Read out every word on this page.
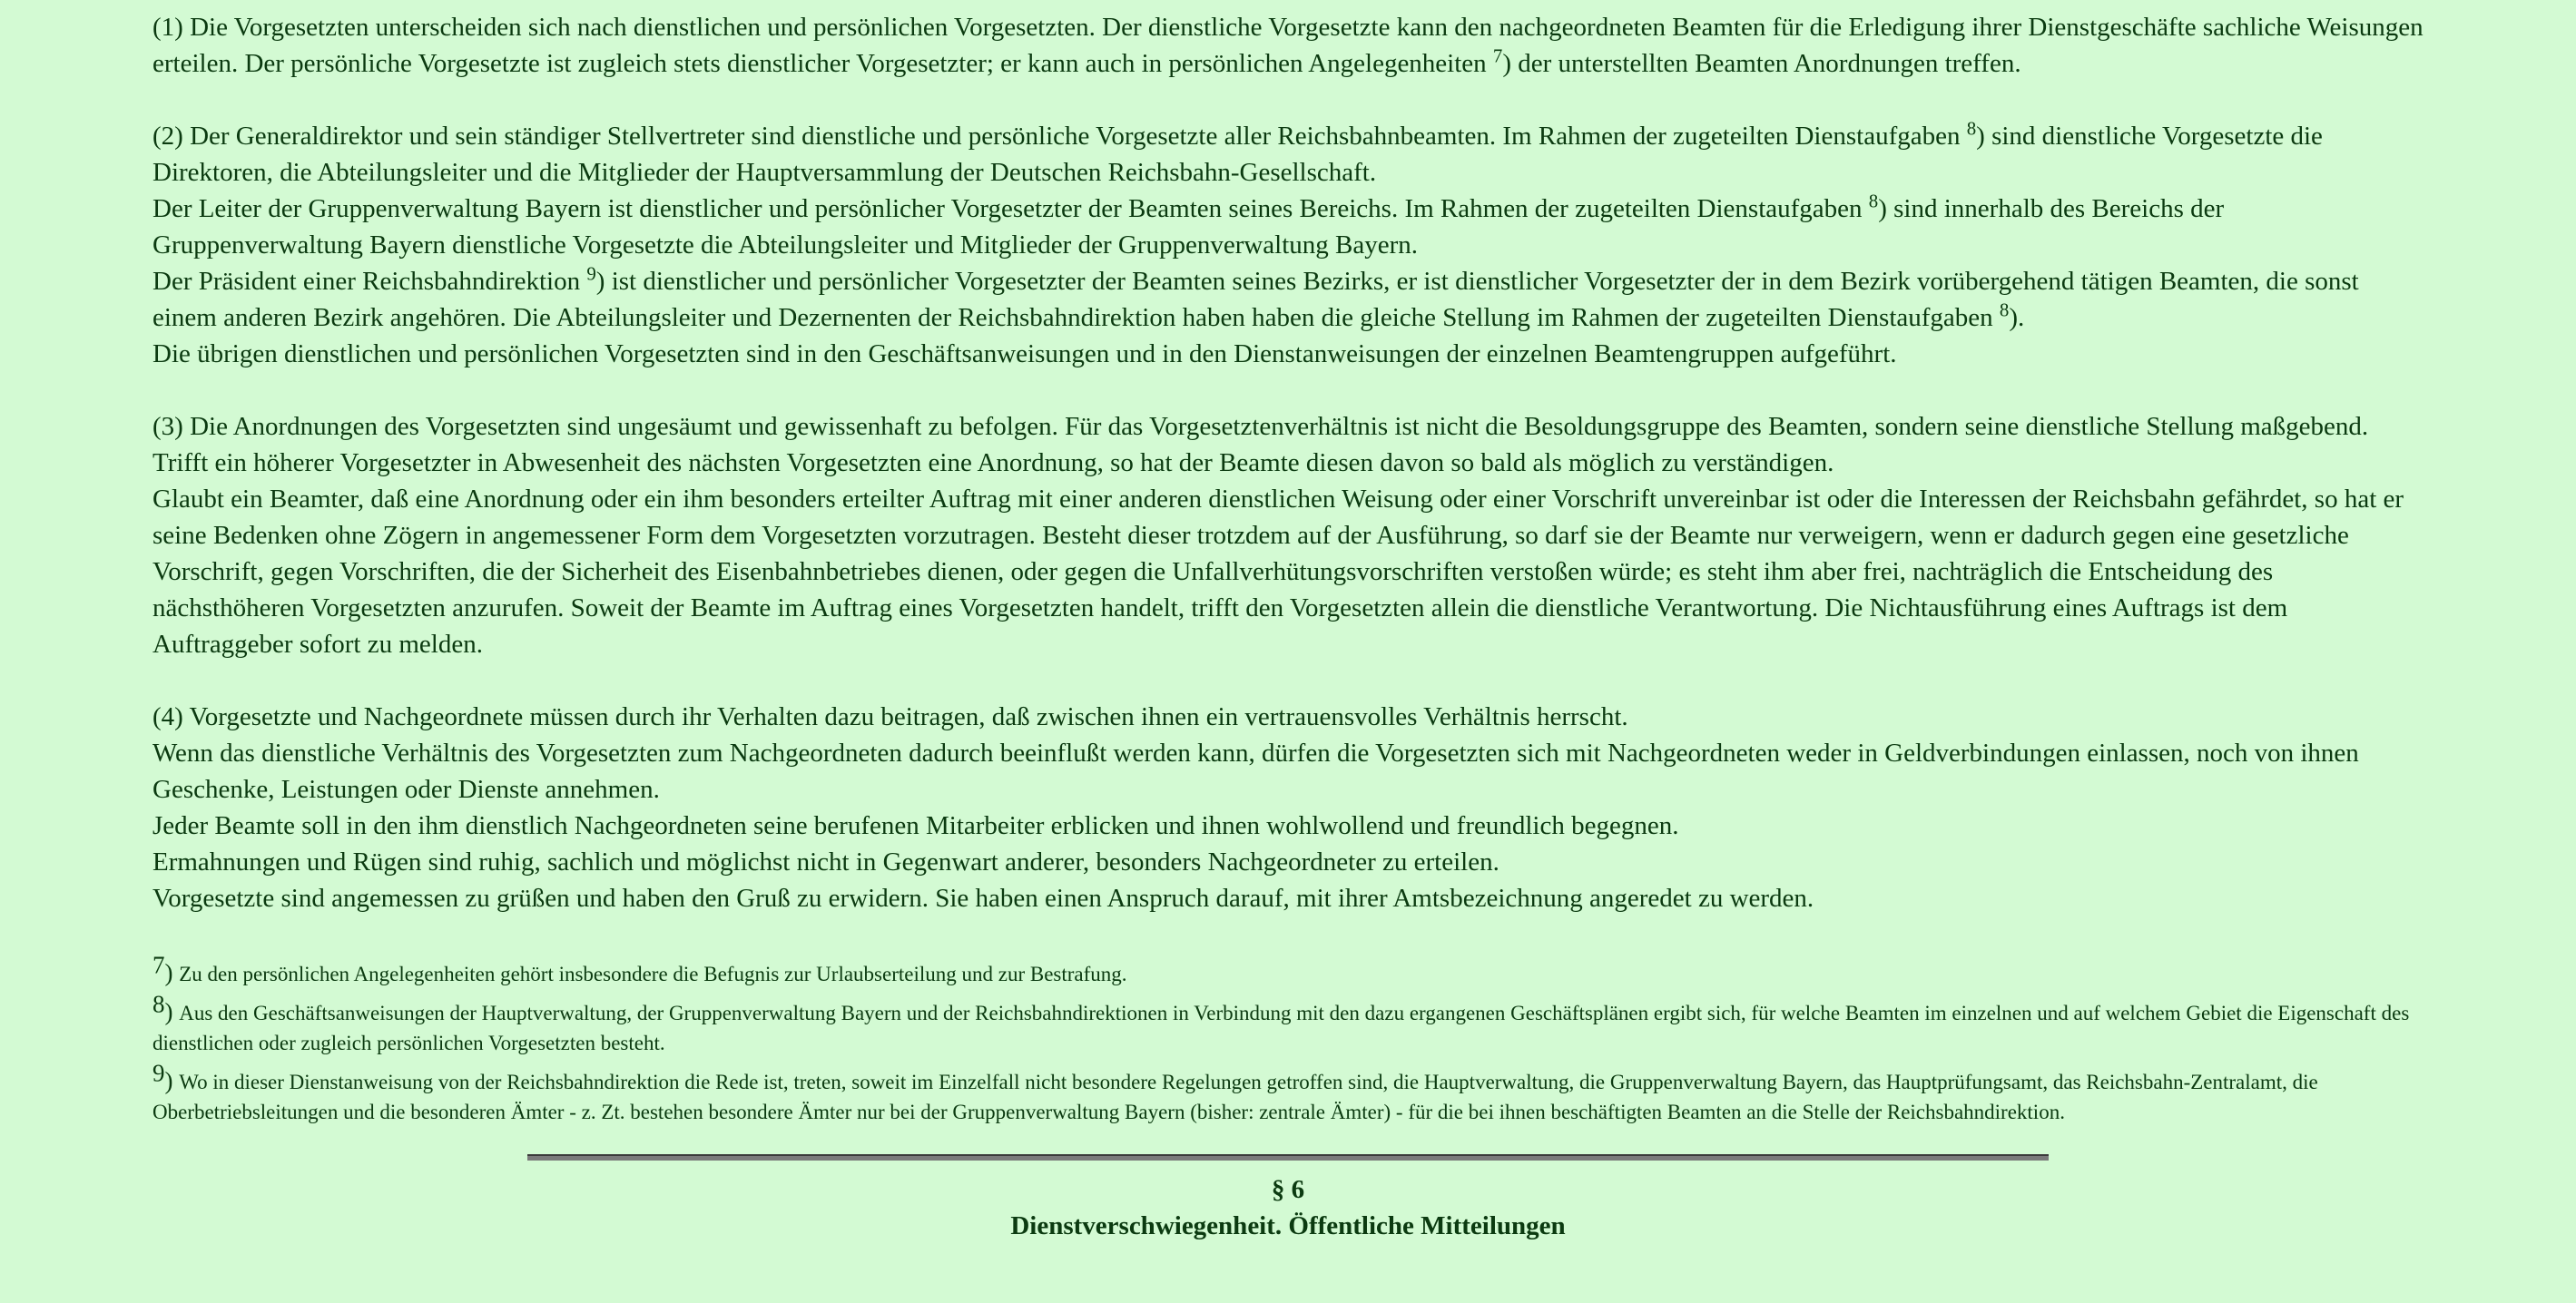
(1) Die Vorgesetzten unterscheiden sich nach dienstlichen und persönlichen Vorgesetzten. Der dienstliche Vorgesetzte kann den nachgeordneten Beamten für die Erledigung ihrer Dienstgeschäfte sachliche Weisungen erteilen. Der persönliche Vorgesetzte ist zugleich stets dienstlicher Vorgesetzter; er kann auch in persönlichen Angelegenheiten $^7$) der unterstellten Beamten Anordnungen treffen.

(2) Der Generaldirektor und sein ständiger Stellvertreter sind dienstliche und persönliche Vorgesetzte aller Reichsbahnbeamten. Im Rahmen der zugeteilten Dienstaufgaben $^8$) sind dienstliche Vorgesetzte die Direktoren, die Abteilungsleiter und die Mitglieder der Hauptversammlung der Deutschen Reichsbahn-Gesellschaft.

Der Leiter der Gruppenverwaltung Bayern ist dienstlicher und persönlicher Vorgesetzter der Beamten seines Bereichs. Im Rahmen der zugeteilten Dienstaufgaben $^8$) sind innerhalb des Bereichs der Gruppenverwaltung Bayern dienstliche Vorgesetzte die Abteilungsleiter und Mitglieder der Gruppenverwaltung Bayern.

Der Präsident einer Reichsbahndirektion $^9$) ist dienstlicher und persönlicher Vorgesetzter der Beamten seines Bezirks, er ist dienstlicher Vorgesetzter der in dem Bezirk vorübergehend tätigen Beamten, die sonst einem anderen Bezirk angehören. Die Abteilungsleiter und Dezernenten der Reichsbahndirektion haben haben die gleiche Stellung im Rahmen der zugeteilten Dienstaufgaben $^8$).

Die übrigen dienstlichen und persönlichen Vorgesetzten sind in den Geschäftsanweisungen und in den Dienstanweisungen der einzelnen Beamtengruppen aufgeführt.

(3) Die Anordnungen des Vorgesetzten sind ungesäumt und gewissenhaft zu befolgen. Für das Vorgesetztenverhältnis ist nicht die Besoldungsgruppe des Beamten, sondern seine dienstliche Stellung maßgebend. Trifft ein höherer Vorgesetzter in Abwesenheit des nächsten Vorgesetzten eine Anordnung, so hat der Beamte diesen davon so bald als möglich zu verständigen.

Glaubt ein Beamter, daß eine Anordnung oder ein ihm besonders erteilter Auftrag mit einer anderen dienstlichen Weisung oder einer Vorschrift unvereinbar ist oder die Interessen der Reichsbahn gefährdet, so hat er seine Bedenken ohne Zögern in angemessener Form dem Vorgesetzten vorzutragen. Besteht dieser trotzdem auf der Ausführung, so darf sie der Beamte nur verweigern, wenn er dadurch gegen eine gesetzliche Vorschrift, gegen Vorschriften, die der Sicherheit des Eisenbahnbetriebes dienen, oder gegen die Unfallverhütungsvorschriften verstoßen würde; es steht ihm aber frei, nachträglich die Entscheidung des nächsthöheren Vorgesetzten anzurufen. Soweit der Beamte im Auftrag eines Vorgesetzten handelt, trifft den Vorgesetzten allein die dienstliche Verantwortung. Die Nichtausführung eines Auftrags ist dem Auftraggeber sofort zu melden.

(4) Vorgesetzte und Nachgeordnete müssen durch ihr Verhalten dazu beitragen, daß zwischen ihnen ein vertrauensvolles Verhältnis herrscht.

Wenn das dienstliche Verhältnis des Vorgesetzten zum Nachgeordneten dadurch beeinflußt werden kann, dürfen die Vorgesetzten sich mit Nachgeordneten weder in Geldverbindungen einlassen, noch von ihnen Geschenke, Leistungen oder Dienste annehmen.

Jeder Beamte soll in den ihm dienstlich Nachgeordneten seine berufenen Mitarbeiter erblicken und ihnen wohlwollend und freundlich begegnen.

Ermahnungen und Rügen sind ruhig, sachlich und möglichst nicht in Gegenwart anderer, besonders Nachgeordneter zu erteilen.

Vorgesetzte sind angemessen zu grüßen und haben den Gruß zu erwidern. Sie haben einen Anspruch darauf, mit ihrer Amtsbezeichnung angeredet zu werden.

$^7$) Zu den persönlichen Angelegenheiten gehört insbesondere die Befugnis zur Urlaubserteilung und zur Bestrafung.

$^8$) Aus den Geschäftsanweisungen der Hauptverwaltung, der Gruppenverwaltung Bayern und der Reichsbahndirektionen in Verbindung mit den dazu ergangenen Geschäftsplänen ergibt sich, für welche Beamten im einzelnen und auf welchem Gebiet die Eigenschaft des dienstlichen oder zugleich persönlichen Vorgesetzten besteht.

$^9$) Wo in dieser Dienstanweisung von der Reichsbahndirektion die Rede ist, treten, soweit im Einzelfall nicht besondere Regelungen getroffen sind, die Hauptverwaltung, die Gruppenverwaltung Bayern, das Hauptprüfungsamt, das Reichsbahn-Zentralamt, die Oberbetriebsleitungen und die besonderen Ämter - z. Zt. bestehen besondere Ämter nur bei der Gruppenverwaltung Bayern (bisher: zentrale Ämter) - für die bei ihnen beschäftigten Beamten an die Stelle der Reichsbahndirektion.

§ 6
Dienstverschwiegenheit. Öffentliche Mitteilungen
